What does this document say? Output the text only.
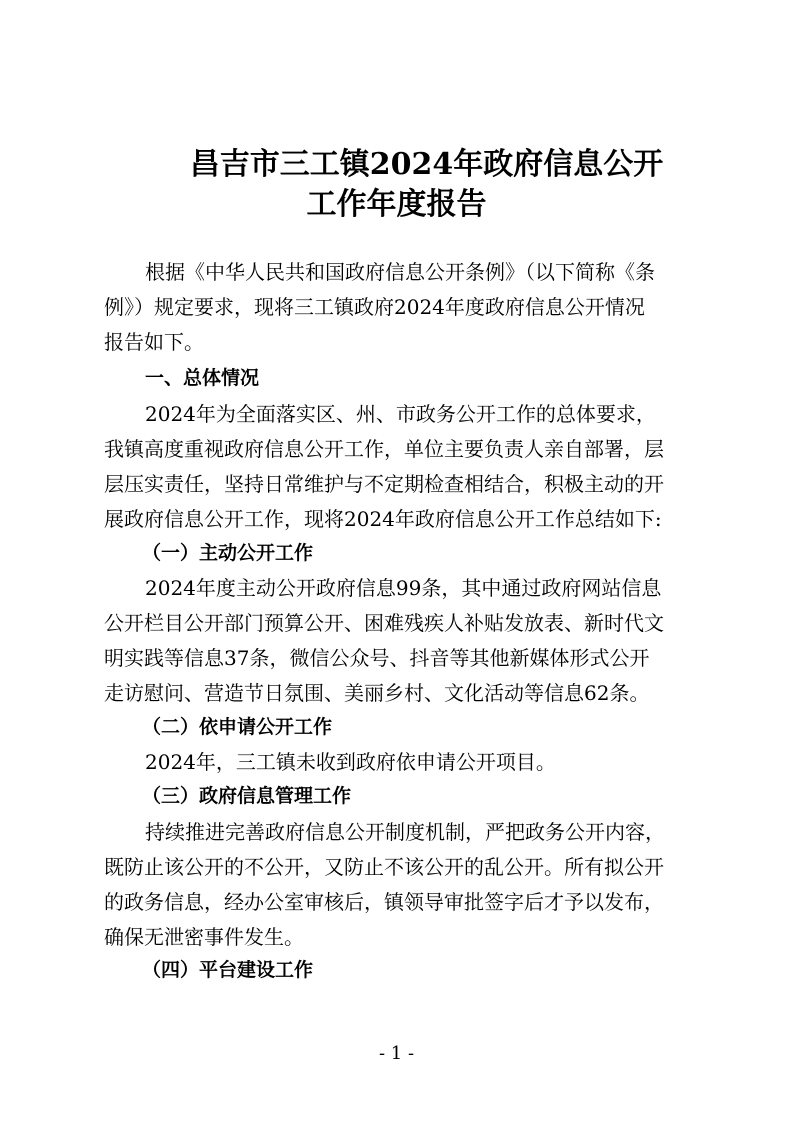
昌吉市三工镇2024年政府信息公开
工作年度报告
根据《中华人民共和国政府信息公开条例》（以下简称《条
例》）规定要求，现将三工镇政府2024年度政府信息公开情况
报告如下。
一、总体情况
2024年为全面落实区、州、市政务公开工作的总体要求，
我镇高度重视政府信息公开工作，单位主要负责人亲自部署，层
层压实责任，坚持日常维护与不定期检查相结合，积极主动的开
展政府信息公开工作，现将2024年政府信息公开工作总结如下:
（一）主动公开工作
2024年度主动公开政府信息99条，其中通过政府网站信息
公开栏目公开部门预算公开、困难残疾人补贴发放表、新时代文
明实践等信息37条，微信公众号、抖音等其他新媒体形式公开
走访慰问、营造节日氛围、美丽乡村、文化活动等信息62条。
（二）依申请公开工作
2024年，三工镇未收到政府依申请公开项目。
（三）政府信息管理工作
持续推进完善政府信息公开制度机制，严把政务公开内容，
既防止该公开的不公开，又防止不该公开的乱公开。所有拟公开
的政务信息，经办公室审核后，镇领导审批签字后才予以发布，
确保无泄密事件发生。
（四）平台建设工作
- 1 -
